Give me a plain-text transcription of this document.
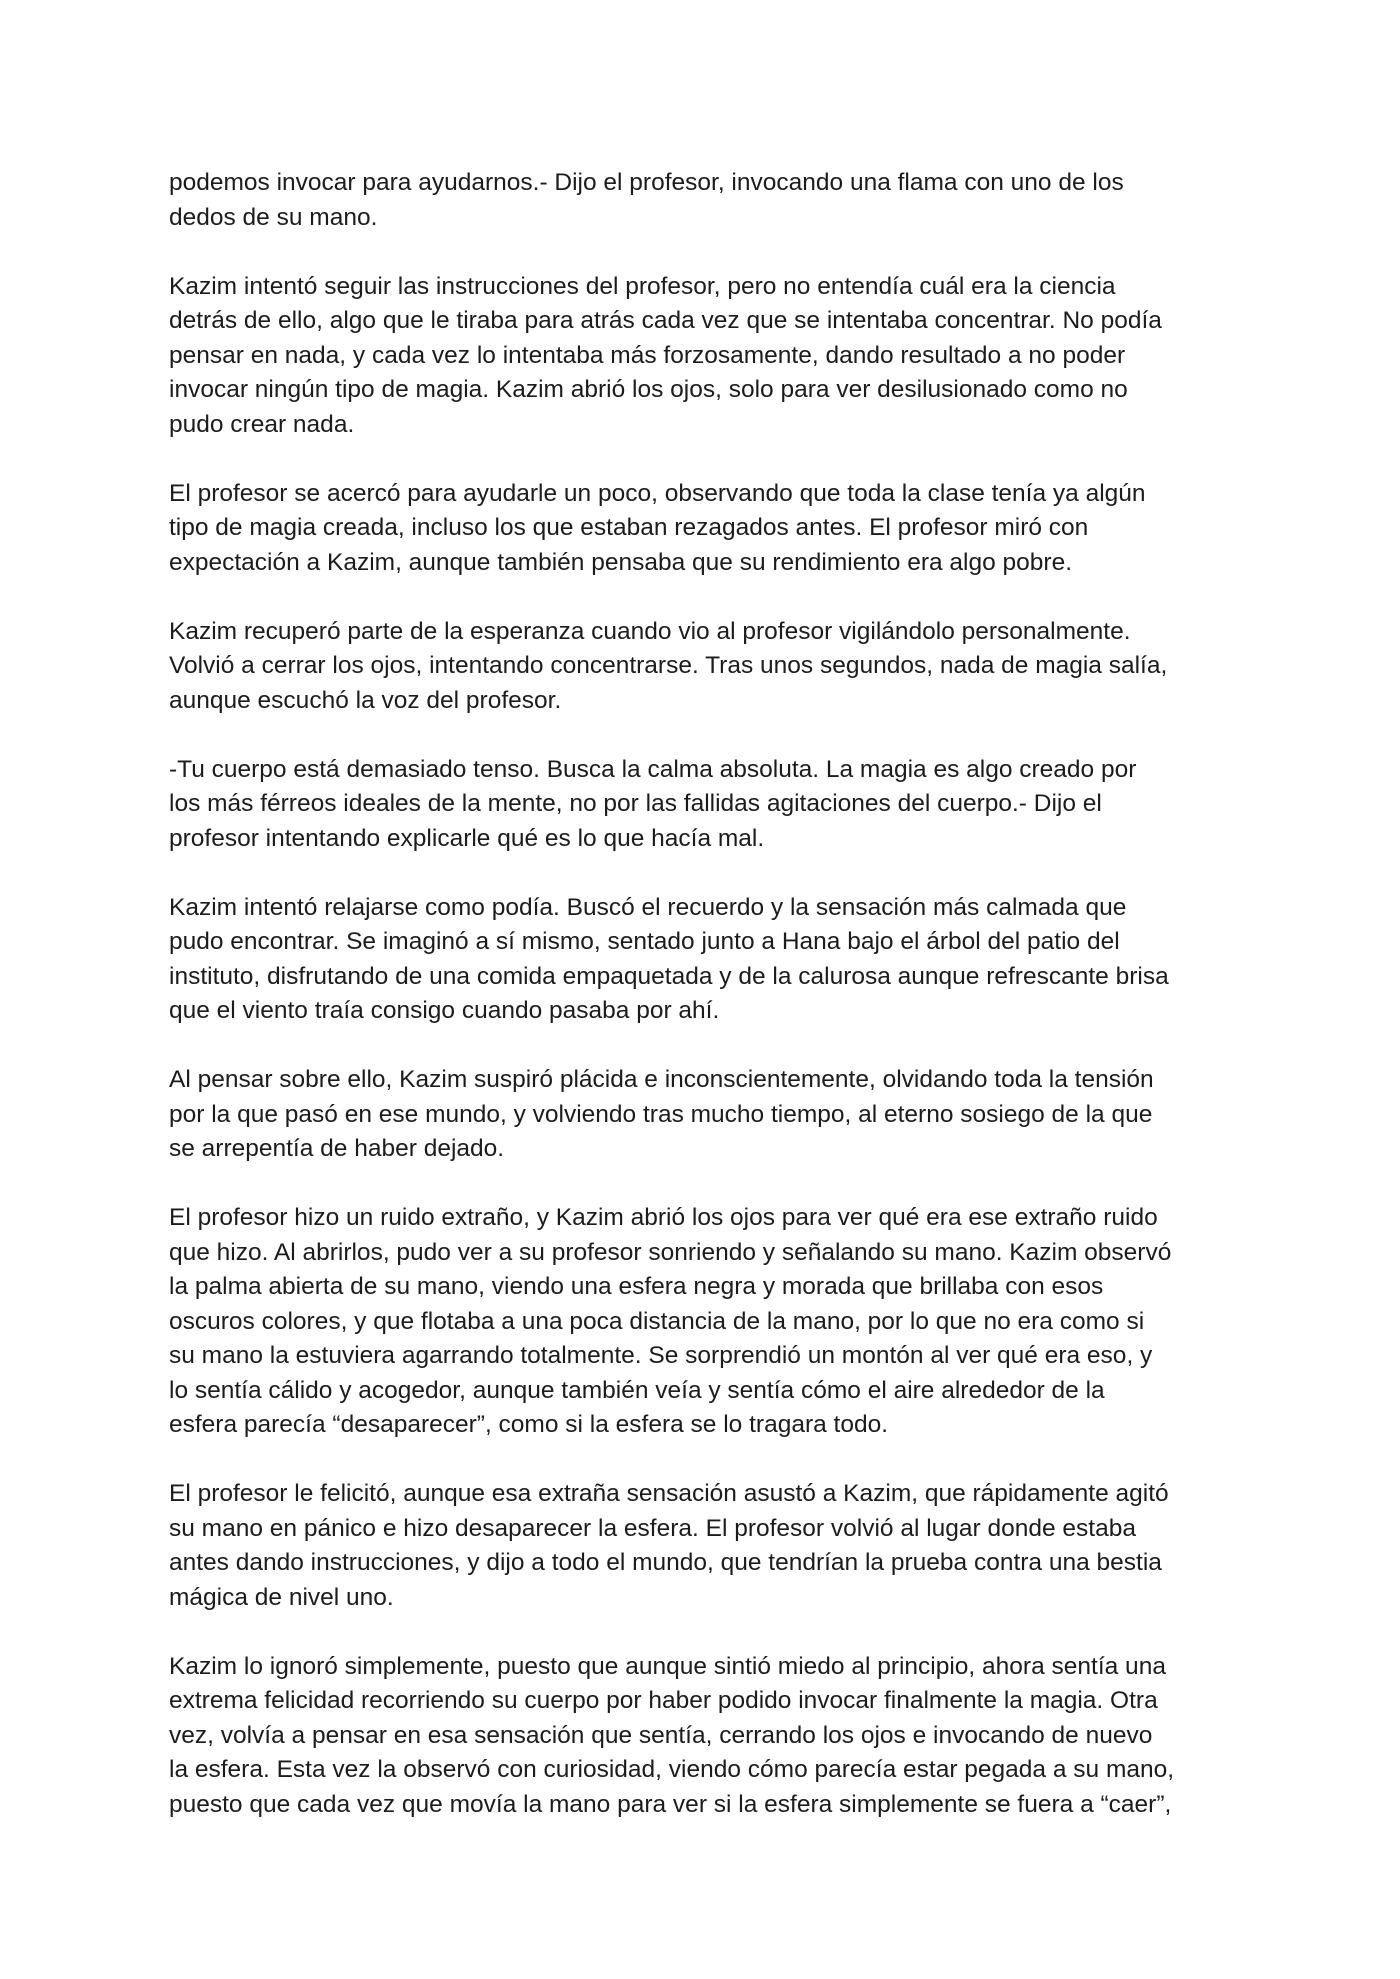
podemos invocar para ayudarnos.- Dijo el profesor, invocando una flama con uno de los
dedos de su mano.

Kazim intentó seguir las instrucciones del profesor, pero no entendía cuál era la ciencia
detrás de ello, algo que le tiraba para atrás cada vez que se intentaba concentrar. No podía
pensar en nada, y cada vez lo intentaba más forzosamente, dando resultado a no poder
invocar ningún tipo de magia. Kazim abrió los ojos, solo para ver desilusionado como no
pudo crear nada.

El profesor se acercó para ayudarle un poco, observando que toda la clase tenía ya algún
tipo de magia creada, incluso los que estaban rezagados antes. El profesor miró con
expectación a Kazim, aunque también pensaba que su rendimiento era algo pobre.

Kazim recuperó parte de la esperanza cuando vio al profesor vigilándolo personalmente.
Volvió a cerrar los ojos, intentando concentrarse. Tras unos segundos, nada de magia salía,
aunque escuchó la voz del profesor.

-Tu cuerpo está demasiado tenso. Busca la calma absoluta. La magia es algo creado por
los más férreos ideales de la mente, no por las fallidas agitaciones del cuerpo.- Dijo el
profesor intentando explicarle qué es lo que hacía mal.

Kazim intentó relajarse como podía. Buscó el recuerdo y la sensación más calmada que
pudo encontrar. Se imaginó a sí mismo, sentado junto a Hana bajo el árbol del patio del
instituto, disfrutando de una comida empaquetada y de la calurosa aunque refrescante brisa
que el viento traía consigo cuando pasaba por ahí.

Al pensar sobre ello, Kazim suspiró plácida e inconscientemente, olvidando toda la tensión
por la que pasó en ese mundo, y volviendo tras mucho tiempo, al eterno sosiego de la que
se arrepentía de haber dejado.

El profesor hizo un ruido extraño, y Kazim abrió los ojos para ver qué era ese extraño ruido
que hizo. Al abrirlos, pudo ver a su profesor sonriendo y señalando su mano. Kazim observó
la palma abierta de su mano, viendo una esfera negra y morada que brillaba con esos
oscuros colores, y que flotaba a una poca distancia de la mano, por lo que no era como si
su mano la estuviera agarrando totalmente. Se sorprendió un montón al ver qué era eso, y
lo sentía cálido y acogedor, aunque también veía y sentía cómo el aire alrededor de la
esfera parecía “desaparecer”, como si la esfera se lo tragara todo.

El profesor le felicitó, aunque esa extraña sensación asustó a Kazim, que rápidamente agitó
su mano en pánico e hizo desaparecer la esfera. El profesor volvió al lugar donde estaba
antes dando instrucciones, y dijo a todo el mundo, que tendrían la prueba contra una bestia
mágica de nivel uno.

Kazim lo ignoró simplemente, puesto que aunque sintió miedo al principio, ahora sentía una
extrema felicidad recorriendo su cuerpo por haber podido invocar finalmente la magia. Otra
vez, volvía a pensar en esa sensación que sentía, cerrando los ojos e invocando de nuevo
la esfera. Esta vez la observó con curiosidad, viendo cómo parecía estar pegada a su mano,
puesto que cada vez que movía la mano para ver si la esfera simplemente se fuera a “caer”,
